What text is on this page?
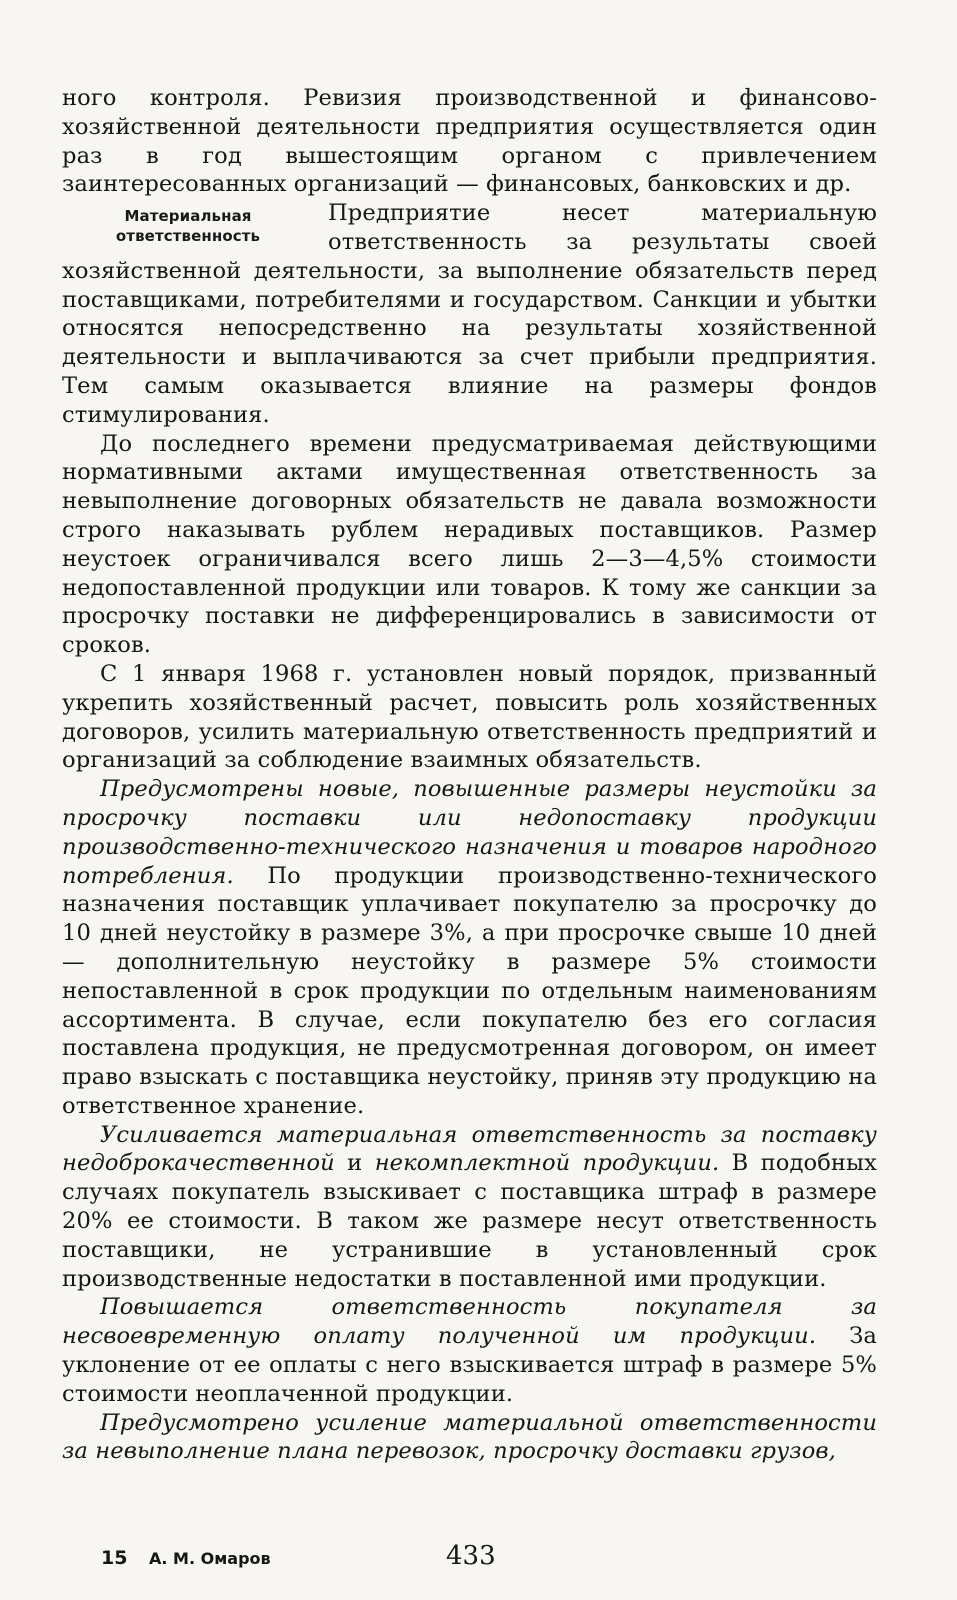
ного контроля. Ревизия производственной и финансово-хозяйственной деятельности предприятия осуществляется один раз в год вышестоящим органом с привлечением заинтересованных организаций — финансовых, банковских и др.

Материальная
ответственность

Предприятие несет материальную ответственность за результаты своей хозяйственной деятельности, за выполнение обязательств перед поставщиками, потребителями и государством. Санкции и убытки относятся непосредственно на результаты хозяйственной деятельности и выплачиваются за счет прибыли предприятия. Тем самым оказывается влияние на размеры фондов стимулирования.

До последнего времени предусматриваемая действующими нормативными актами имущественная ответственность за невыполнение договорных обязательств не давала возможности строго наказывать рублем нерадивых поставщиков. Размер неустоек ограничивался всего лишь 2—3—4,5% стоимости недопоставленной продукции или товаров. К тому же санкции за просрочку поставки не дифференцировались в зависимости от сроков.

С 1 января 1968 г. установлен новый порядок, призванный укрепить хозяйственный расчет, повысить роль хозяйственных договоров, усилить материальную ответственность предприятий и организаций за соблюдение взаимных обязательств.

Предусмотрены новые, повышенные размеры неустойки за просрочку поставки или недопоставку продукции производственно-технического назначения и товаров народного потребления. По продукции производственно-технического назначения поставщик уплачивает покупателю за просрочку до 10 дней неустойку в размере 3%, а при просрочке свыше 10 дней — дополнительную неустойку в размере 5% стоимости непоставленной в срок продукции по отдельным наименованиям ассортимента. В случае, если покупателю без его согласия поставлена продукция, не предусмотренная договором, он имеет право взыскать с поставщика неустойку, приняв эту продукцию на ответственное хранение.

Усиливается материальная ответственность за поставку недоброкачественной и некомплектной продукции. В подобных случаях покупатель взыскивает с поставщика штраф в размере 20% ее стоимости. В таком же размере несут ответственность поставщики, не устранившие в установленный срок производственные недостатки в поставленной ими продукции.

Повышается ответственность покупателя за несвоевременную оплату полученной им продукции. За уклонение от ее оплаты с него взыскивается штраф в размере 5% стоимости неоплаченной продукции.

Предусмотрено усиление материальной ответственности за невыполнение плана перевозок, просрочку доставки грузов,

15 А. М. Омаров	433
